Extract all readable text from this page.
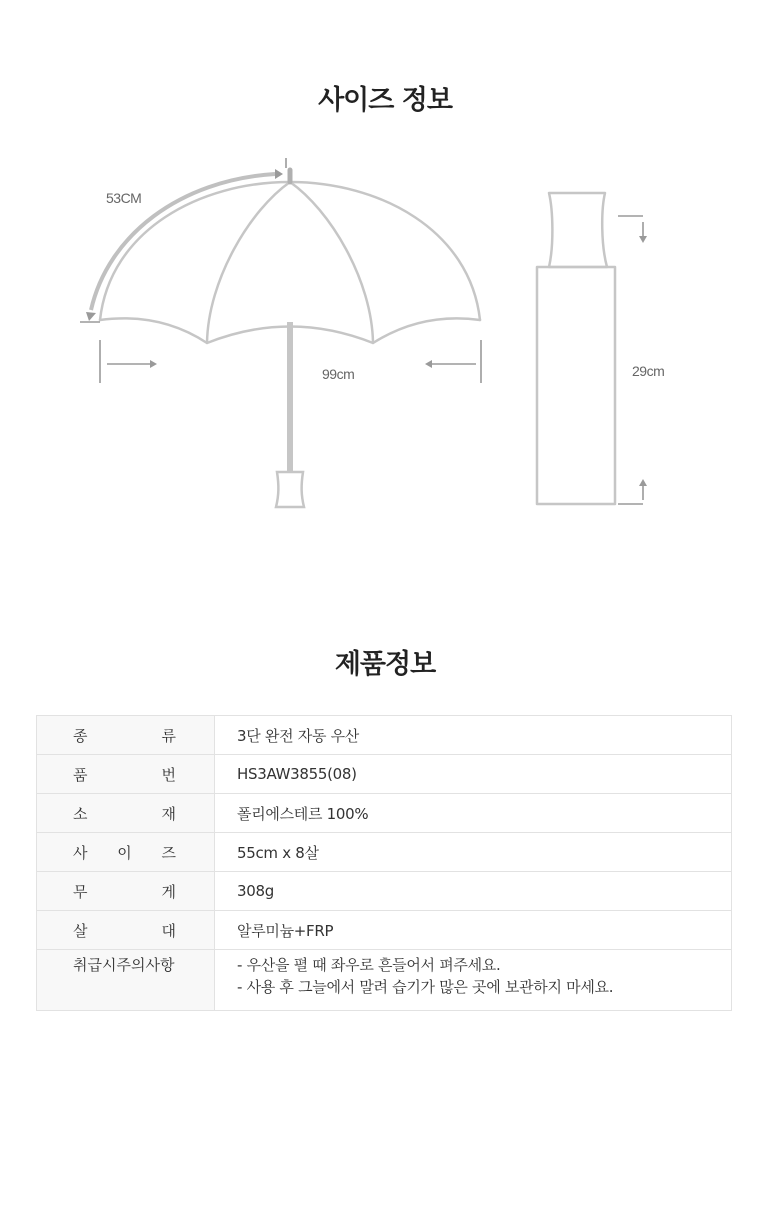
사이즈 정보
53CM
99cm	29cm
제품정보
종 류	3단 완전 자동 우산

품 번	HS3AW3855(08)

소 재	폴리에스테르 100%

사 이 즈	55cm x 8살

무 게	308g

살 대	알루미늄+FRP

취급시주의사항	- 우산을 펼 때 좌우로 흔들어서 펴주세요.
- 사용 후 그늘에서 말려 습기가 많은 곳에 보관하지 마세요.
